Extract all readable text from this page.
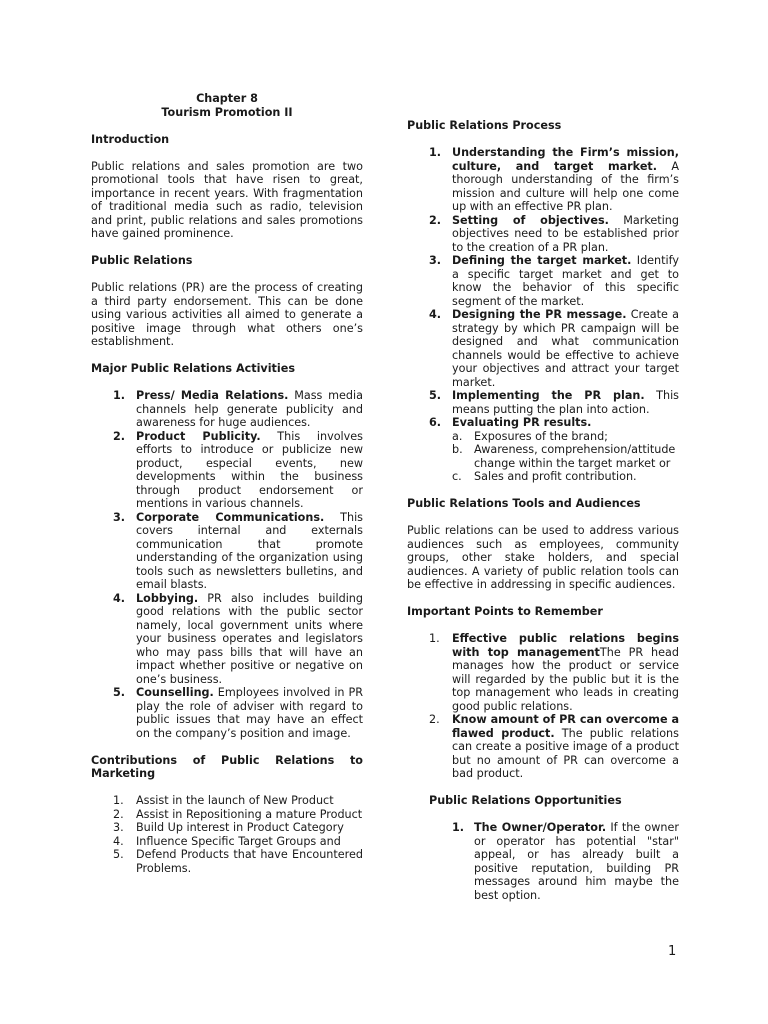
Chapter 8
Tourism Promotion II
Introduction

Public relations and sales promotion are two promotional tools that have risen to great, importance in recent years. With fragmentation of traditional media such as radio, television and print, public relations and sales promotions have gained prominence.

Public Relations

Public relations (PR) are the process of creating a third party endorsement. This can be done using various activities all aimed to generate a positive image through what others one’s establishment.

Major Public Relations Activities
1. Press/ Media Relations. Mass media channels help generate publicity and awareness for huge audiences.
2. Product Publicity. This involves efforts to introduce or publicize new product, especial events, new developments within the business through product endorsement or mentions in various channels.
3. Corporate Communications. This covers internal and externals communication that promote understanding of the organization using tools such as newsletters bulletins, and email blasts.
4. Lobbying. PR also includes building good relations with the public sector namely, local government units where your business operates and legislators who may pass bills that will have an impact whether positive or negative on one’s business.
5. Counselling. Employees involved in PR play the role of adviser with regard to public issues that may have an effect on the company’s position and image.
Contributions of Public Relations to Marketing
1. Assist in the launch of New Product
2. Assist in Repositioning a mature Product
3. Build Up interest in Product Category
4. Influence Specific Target Groups and
5. Defend Products that have Encountered Problems.
Public Relations Process
1. Understanding the Firm’s mission, culture, and target market. A thorough understanding of the firm’s mission and culture will help one come up with an effective PR plan.
2. Setting of objectives. Marketing objectives need to be established prior to the creation of a PR plan.
3. Defining the target market. Identify a specific target market and get to know the behavior of this specific segment of the market.
4. Designing the PR message. Create a strategy by which PR campaign will be designed and what communication channels would be effective to achieve your objectives and attract your target market.
5. Implementing the PR plan. This means putting the plan into action.
6. Evaluating PR results.
a. Exposures of the brand;
b. Awareness, comprehension/attitude change within the target market or
c. Sales and profit contribution.
Public Relations Tools and Audiences

Public relations can be used to address various audiences such as employees, community groups, other stake holders, and special audiences. A variety of public relation tools can be effective in addressing in specific audiences.

Important Points to Remember
1. Effective public relations begins with top managementThe PR head manages how the product or service will regarded by the public but it is the top management who leads in creating good public relations.
2. Know amount of PR can overcome a flawed product. The public relations can create a positive image of a product but no amount of PR can overcome a bad product.
Public Relations Opportunities
1. The Owner/Operator. If the owner or operator has potential "star" appeal, or has already built a positive reputation, building PR messages around him maybe the best option.
1
